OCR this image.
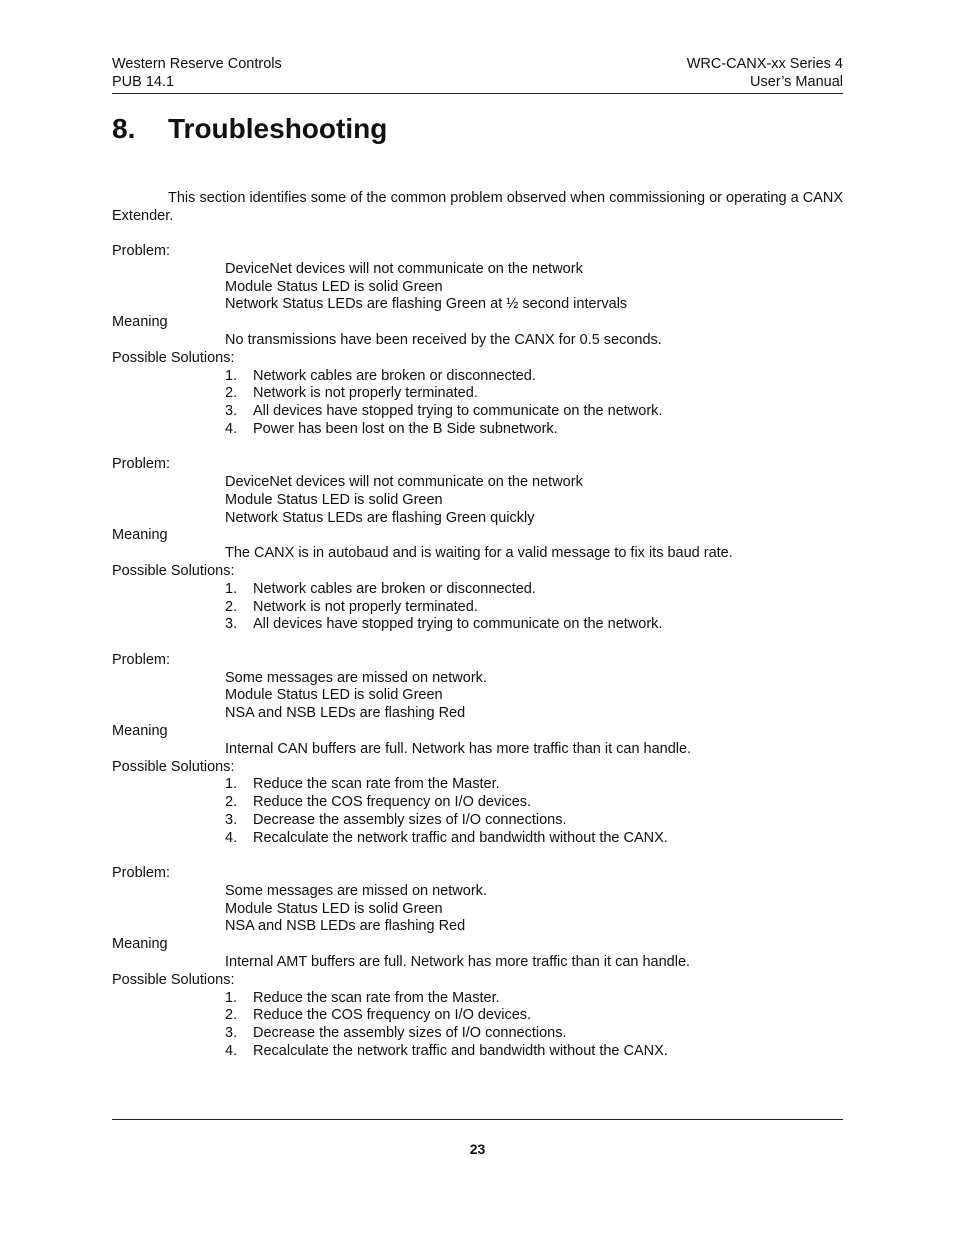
Western Reserve Controls	WRC-CANX-xx Series 4
PUB 14.1	User’s Manual
8. Troubleshooting

This section identifies some of the common problem observed when commissioning or operating a CANX Extender.

Problem:
DeviceNet devices will not communicate on the network
Module Status LED is solid Green
Network Status LEDs are flashing Green at ½ second intervals
Meaning
No transmissions have been received by the CANX for 0.5 seconds.
Possible Solutions:
1.	Network cables are broken or disconnected.
2.	Network is not properly terminated.
3.	All devices have stopped trying to communicate on the network.
4.	Power has been lost on the B Side subnetwork.
Problem:
DeviceNet devices will not communicate on the network
Module Status LED is solid Green
Network Status LEDs are flashing Green quickly
Meaning
The CANX is in autobaud and is waiting for a valid message to fix its baud rate.
Possible Solutions:
1.	Network cables are broken or disconnected.
2.	Network is not properly terminated.
3.	All devices have stopped trying to communicate on the network.
Problem:
Some messages are missed on network.
Module Status LED is solid Green
NSA and NSB LEDs are flashing Red
Meaning
Internal CAN buffers are full. Network has more traffic than it can handle.
Possible Solutions:
1.	Reduce the scan rate from the Master.
2.	Reduce the COS frequency on I/O devices.
3.	Decrease the assembly sizes of I/O connections.
4.	Recalculate the network traffic and bandwidth without the CANX.
Problem:
Some messages are missed on network.
Module Status LED is solid Green
NSA and NSB LEDs are flashing Red
Meaning
Internal AMT buffers are full. Network has more traffic than it can handle.
Possible Solutions:
1.	Reduce the scan rate from the Master.
2.	Reduce the COS frequency on I/O devices.
3.	Decrease the assembly sizes of I/O connections.
4.	Recalculate the network traffic and bandwidth without the CANX.
23
